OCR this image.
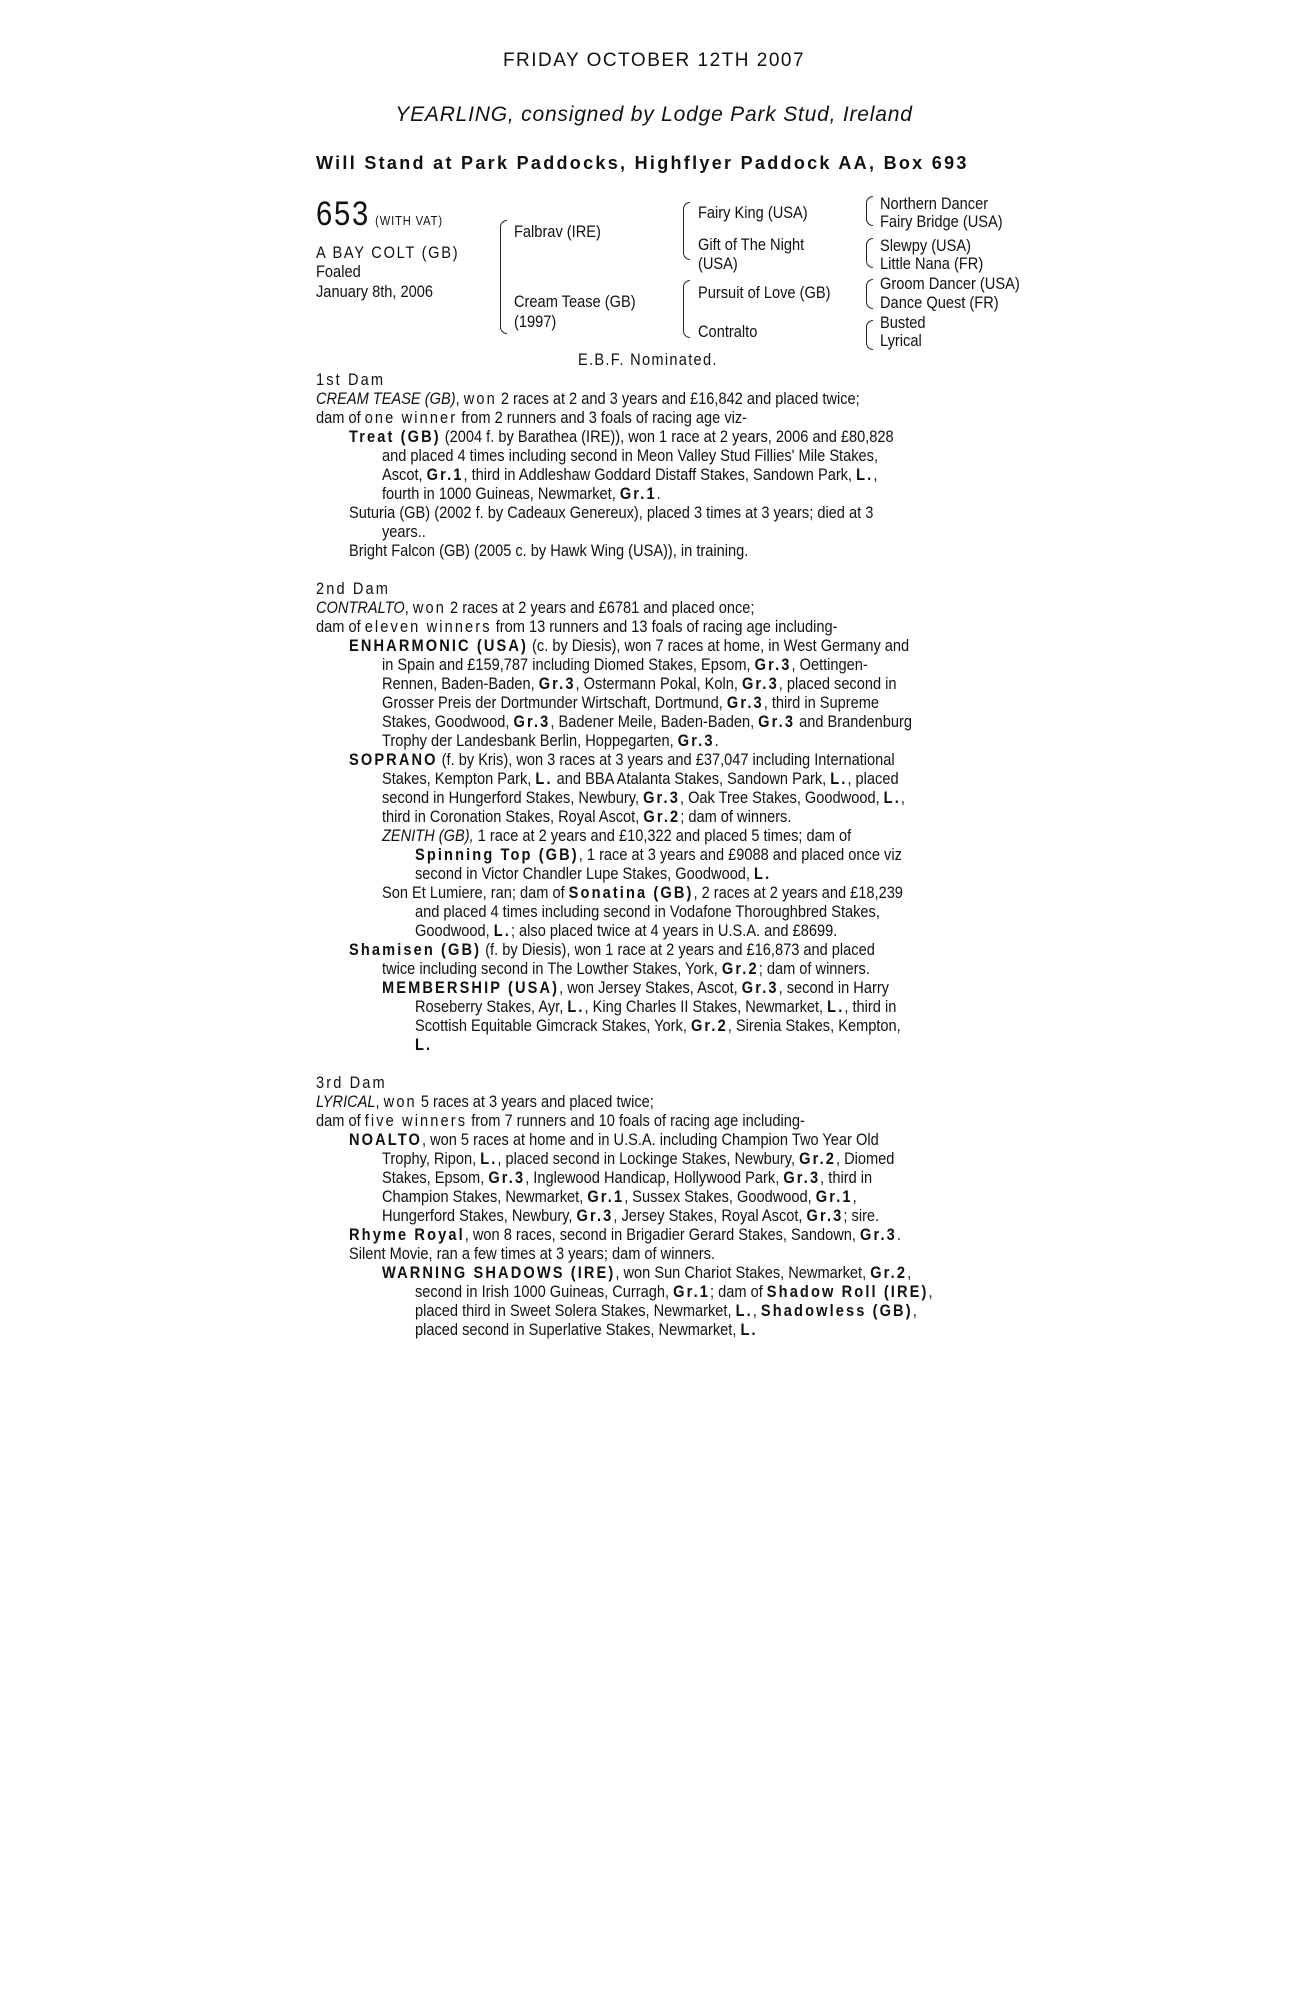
FRIDAY OCTOBER 12TH 2007
YEARLING, consigned by Lodge Park Stud, Ireland
Will Stand at Park Paddocks, Highflyer Paddock AA, Box 693
653 (WITH VAT)
A BAY COLT (GB)
Foaled
January 8th, 2006
Falbrav (IRE)
Cream Tease (GB)
(1997)
Fairy King (USA)
Gift of The Night
(USA)
Pursuit of Love (GB)
Contralto
Northern Dancer
Fairy Bridge (USA)
Slewpy (USA)
Little Nana (FR)
Groom Dancer (USA)
Dance Quest (FR)
Busted
Lyrical
E.B.F. Nominated.
1st Dam
CREAM TEASE (GB), won 2 races at 2 and 3 years and £16,842 and placed twice;
dam of one winner from 2 runners and 3 foals of racing age viz-
Treat (GB) (2004 f. by Barathea (IRE)), won 1 race at 2 years, 2006 and £80,828
and placed 4 times including second in Meon Valley Stud Fillies' Mile Stakes,
Ascot, Gr.1, third in Addleshaw Goddard Distaff Stakes, Sandown Park, L.,
fourth in 1000 Guineas, Newmarket, Gr.1.
Suturia (GB) (2002 f. by Cadeaux Genereux), placed 3 times at 3 years; died at 3
years..
Bright Falcon (GB) (2005 c. by Hawk Wing (USA)), in training.
2nd Dam
CONTRALTO, won 2 races at 2 years and £6781 and placed once;
dam of eleven winners from 13 runners and 13 foals of racing age including-
ENHARMONIC (USA) (c. by Diesis), won 7 races at home, in West Germany and
in Spain and £159,787 including Diomed Stakes, Epsom, Gr.3, Oettingen-
Rennen, Baden-Baden, Gr.3, Ostermann Pokal, Koln, Gr.3, placed second in
Grosser Preis der Dortmunder Wirtschaft, Dortmund, Gr.3, third in Supreme
Stakes, Goodwood, Gr.3, Badener Meile, Baden-Baden, Gr.3 and Brandenburg
Trophy der Landesbank Berlin, Hoppegarten, Gr.3.
SOPRANO (f. by Kris), won 3 races at 3 years and £37,047 including International
Stakes, Kempton Park, L. and BBA Atalanta Stakes, Sandown Park, L., placed
second in Hungerford Stakes, Newbury, Gr.3, Oak Tree Stakes, Goodwood, L.,
third in Coronation Stakes, Royal Ascot, Gr.2; dam of winners.
ZENITH (GB), 1 race at 2 years and £10,322 and placed 5 times; dam of
Spinning Top (GB), 1 race at 3 years and £9088 and placed once viz
second in Victor Chandler Lupe Stakes, Goodwood, L.
Son Et Lumiere, ran; dam of Sonatina (GB), 2 races at 2 years and £18,239
and placed 4 times including second in Vodafone Thoroughbred Stakes,
Goodwood, L.; also placed twice at 4 years in U.S.A. and £8699.
Shamisen (GB) (f. by Diesis), won 1 race at 2 years and £16,873 and placed
twice including second in The Lowther Stakes, York, Gr.2; dam of winners.
MEMBERSHIP (USA), won Jersey Stakes, Ascot, Gr.3, second in Harry
Roseberry Stakes, Ayr, L., King Charles II Stakes, Newmarket, L., third in
Scottish Equitable Gimcrack Stakes, York, Gr.2, Sirenia Stakes, Kempton,
L.
3rd Dam
LYRICAL, won 5 races at 3 years and placed twice;
dam of five winners from 7 runners and 10 foals of racing age including-
NOALTO, won 5 races at home and in U.S.A. including Champion Two Year Old
Trophy, Ripon, L., placed second in Lockinge Stakes, Newbury, Gr.2, Diomed
Stakes, Epsom, Gr.3, Inglewood Handicap, Hollywood Park, Gr.3, third in
Champion Stakes, Newmarket, Gr.1, Sussex Stakes, Goodwood, Gr.1,
Hungerford Stakes, Newbury, Gr.3, Jersey Stakes, Royal Ascot, Gr.3; sire.
Rhyme Royal, won 8 races, second in Brigadier Gerard Stakes, Sandown, Gr.3.
Silent Movie, ran a few times at 3 years; dam of winners.
WARNING SHADOWS (IRE), won Sun Chariot Stakes, Newmarket, Gr.2,
second in Irish 1000 Guineas, Curragh, Gr.1; dam of Shadow Roll (IRE),
placed third in Sweet Solera Stakes, Newmarket, L., Shadowless (GB),
placed second in Superlative Stakes, Newmarket, L.
